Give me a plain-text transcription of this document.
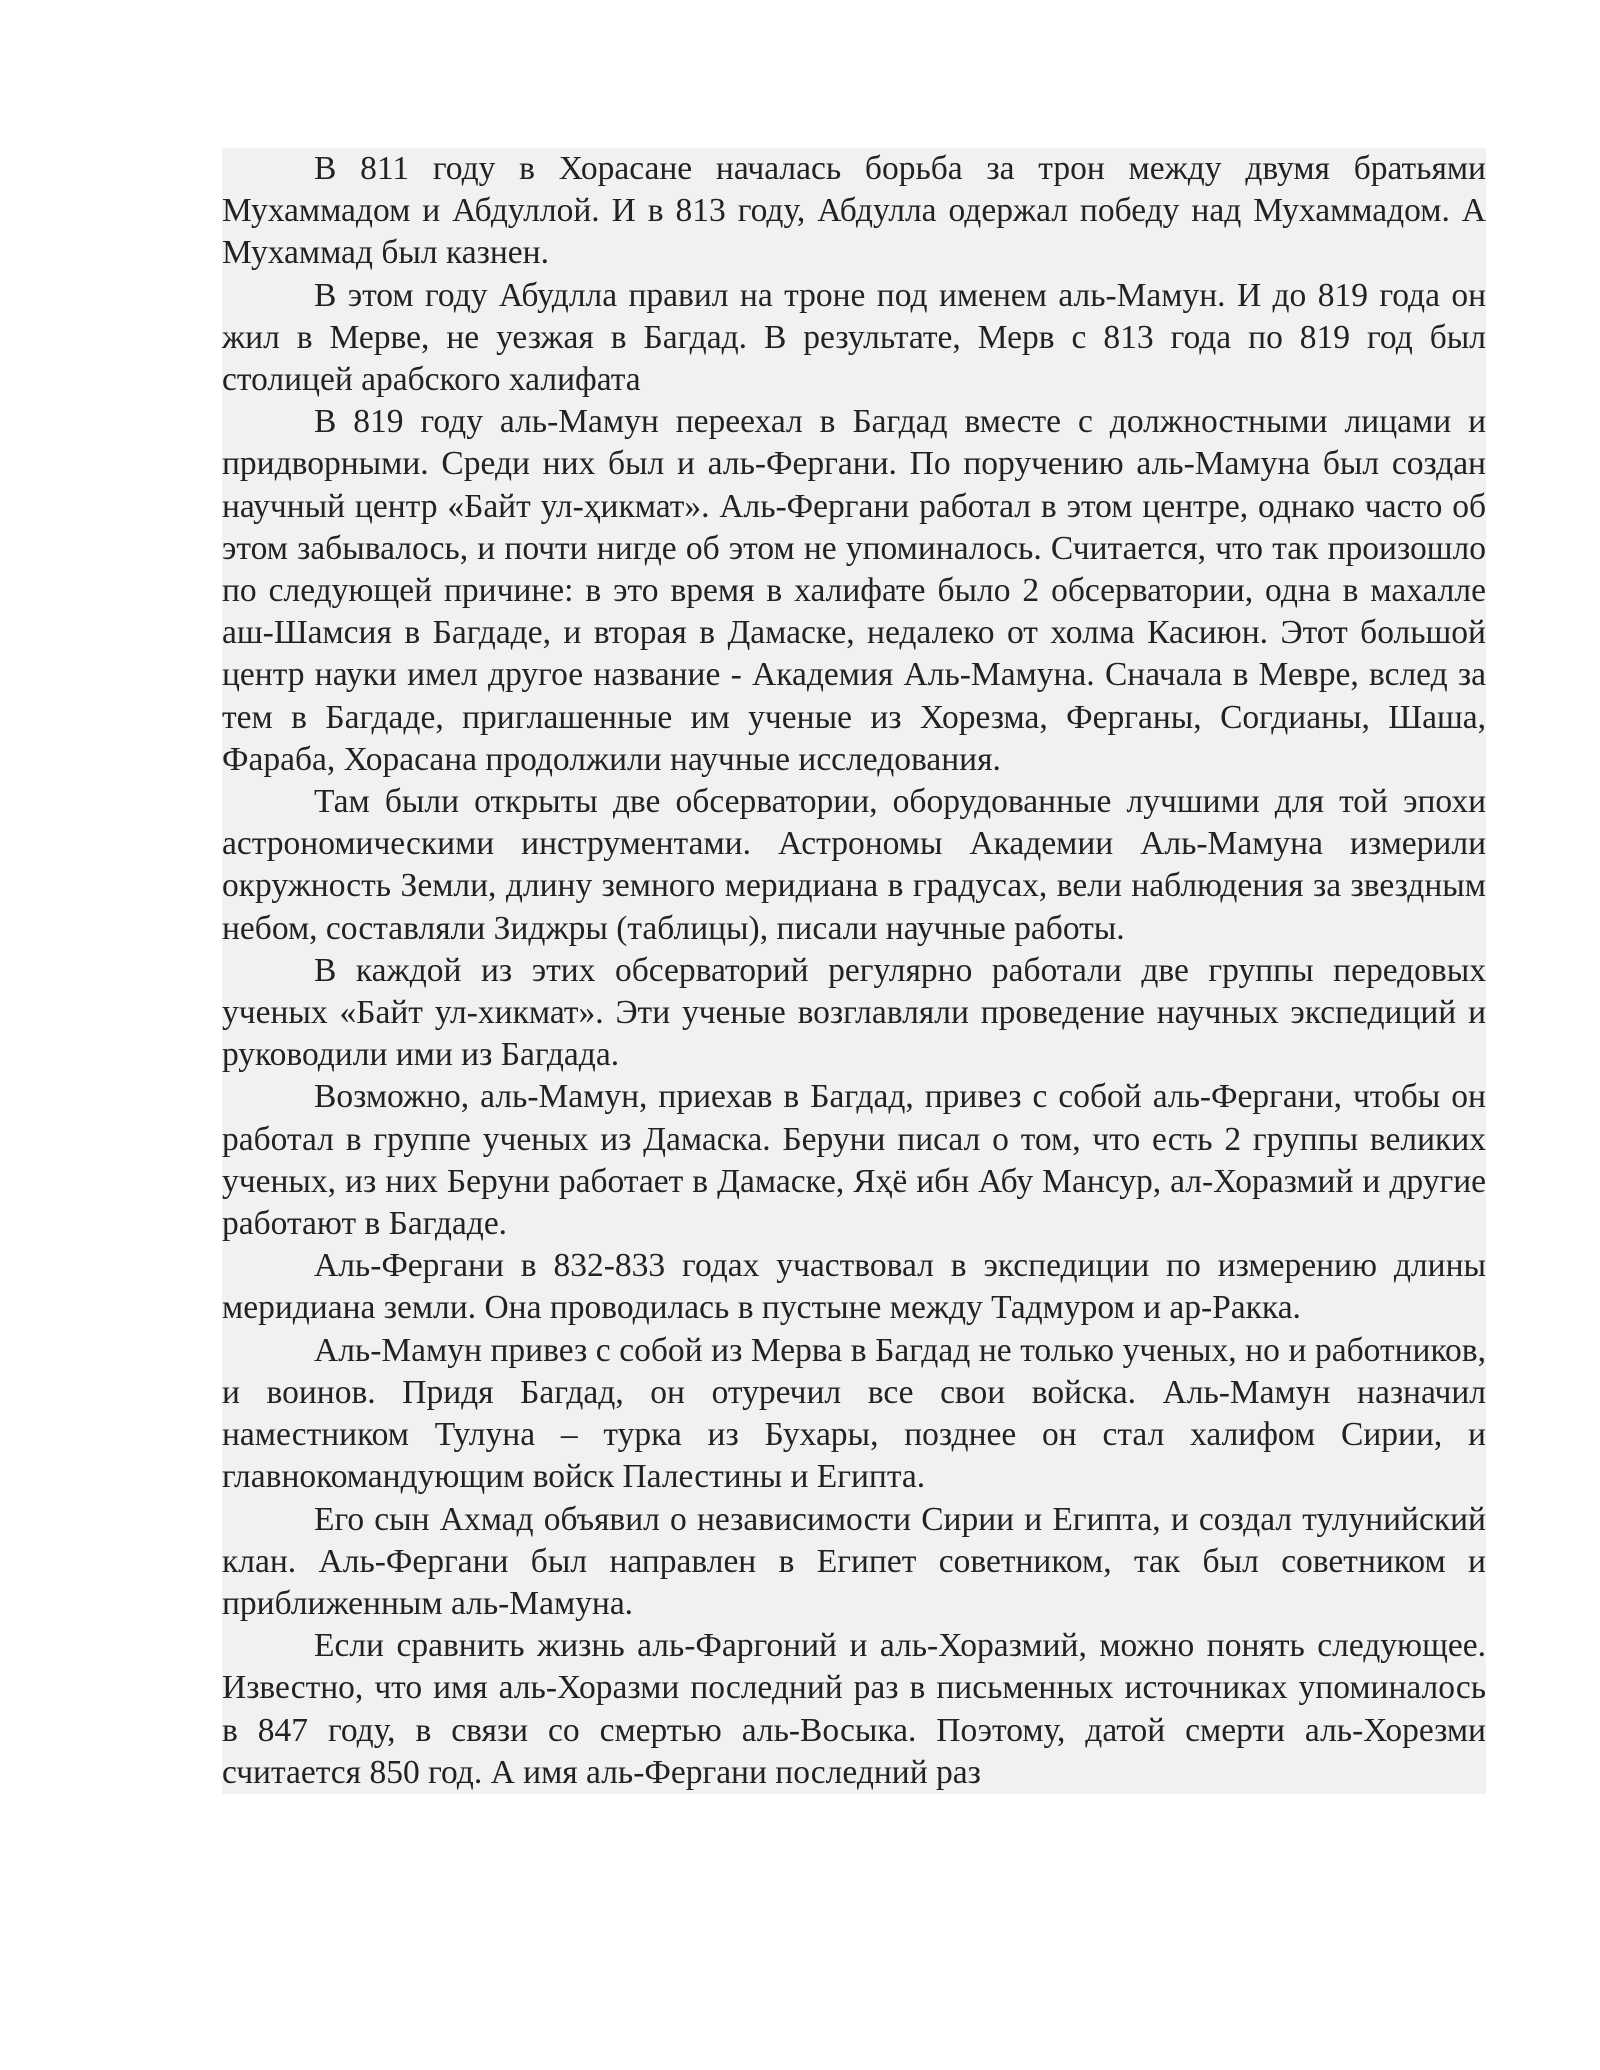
В 811 году в Хорасане началась борьба за трон между двумя братьями Мухаммадом и Абдуллой. И в 813 году, Абдулла одержал победу над Мухаммадом. А Мухаммад был казнен.

В этом году Абудлла правил на троне под именем аль-Мамун. И до 819 года он жил в Мерве, не уезжая в Багдад. В результате, Мерв с 813 года по 819 год был столицей арабского халифата

В 819 году аль-Мамун переехал в Багдад вместе с должностными лицами и придворными. Среди них был и аль-Фергани. По поручению аль-Мамуна был создан научный центр «Байт ул-ҳикмат». Аль-Фергани работал в этом центре, однако часто об этом забывалось, и почти нигде об этом не упоминалось. Считается, что так произошло по следующей причине: в это время в халифате было 2 обсерватории, одна в махалле аш-Шамсия в Багдаде, и вторая в Дамаске, недалеко от холма Касиюн. Этот большой центр науки имел другое название - Академия Аль-Мамуна. Сначала в Мевре, вслед за тем в Багдаде, приглашенные им ученые из Хорезма, Ферганы, Согдианы, Шаша, Фараба, Хорасана продолжили научные исследования.

Там были открыты две обсерватории, оборудованные лучшими для той эпохи астрономическими инструментами. Астрономы Академии Аль-Мамуна измерили окружность Земли, длину земного меридиана в градусах, вели наблюдения за звездным небом, составляли Зиджры (таблицы), писали научные работы.

В каждой из этих обсерваторий регулярно работали две группы передовых ученых «Байт ул-хикмат». Эти ученые возглавляли проведение научных экспедиций и руководили ими из Багдада.

Возможно, аль-Мамун, приехав в Багдад, привез с собой аль-Фергани, чтобы он работал в группе ученых из Дамаска. Беруни писал о том, что есть 2 группы великих ученых, из них Беруни работает в Дамаске, Яҳё ибн Абу Мансур, ал-Хоразмий и другие работают в Багдаде.

Аль-Фергани в 832-833 годах участвовал в экспедиции по измерению длины меридиана земли. Она проводилась в пустыне между Тадмуром и ар-Ракка.

Аль-Мамун привез с собой из Мерва в Багдад не только ученых, но и работников, и воинов. Придя Багдад, он отуречил все свои войска. Аль-Мамун назначил наместником Тулуна – турка из Бухары, позднее он стал халифом Сирии, и главнокомандующим войск Палестины и Египта.

Его сын Ахмад объявил о независимости Сирии и Египта, и создал тулунийский клан. Аль-Фергани был направлен в Египет советником, так был советником и приближенным аль-Мамуна.

Если сравнить жизнь аль-Фаргоний и аль-Хоразмий, можно понять следующее. Известно, что имя аль-Хоразми последний раз в письменных источниках упоминалось в 847 году, в связи со смертью аль-Восыка. Поэтому, датой смерти аль-Хорезми считается 850 год. А имя аль-Фергани последний раз
